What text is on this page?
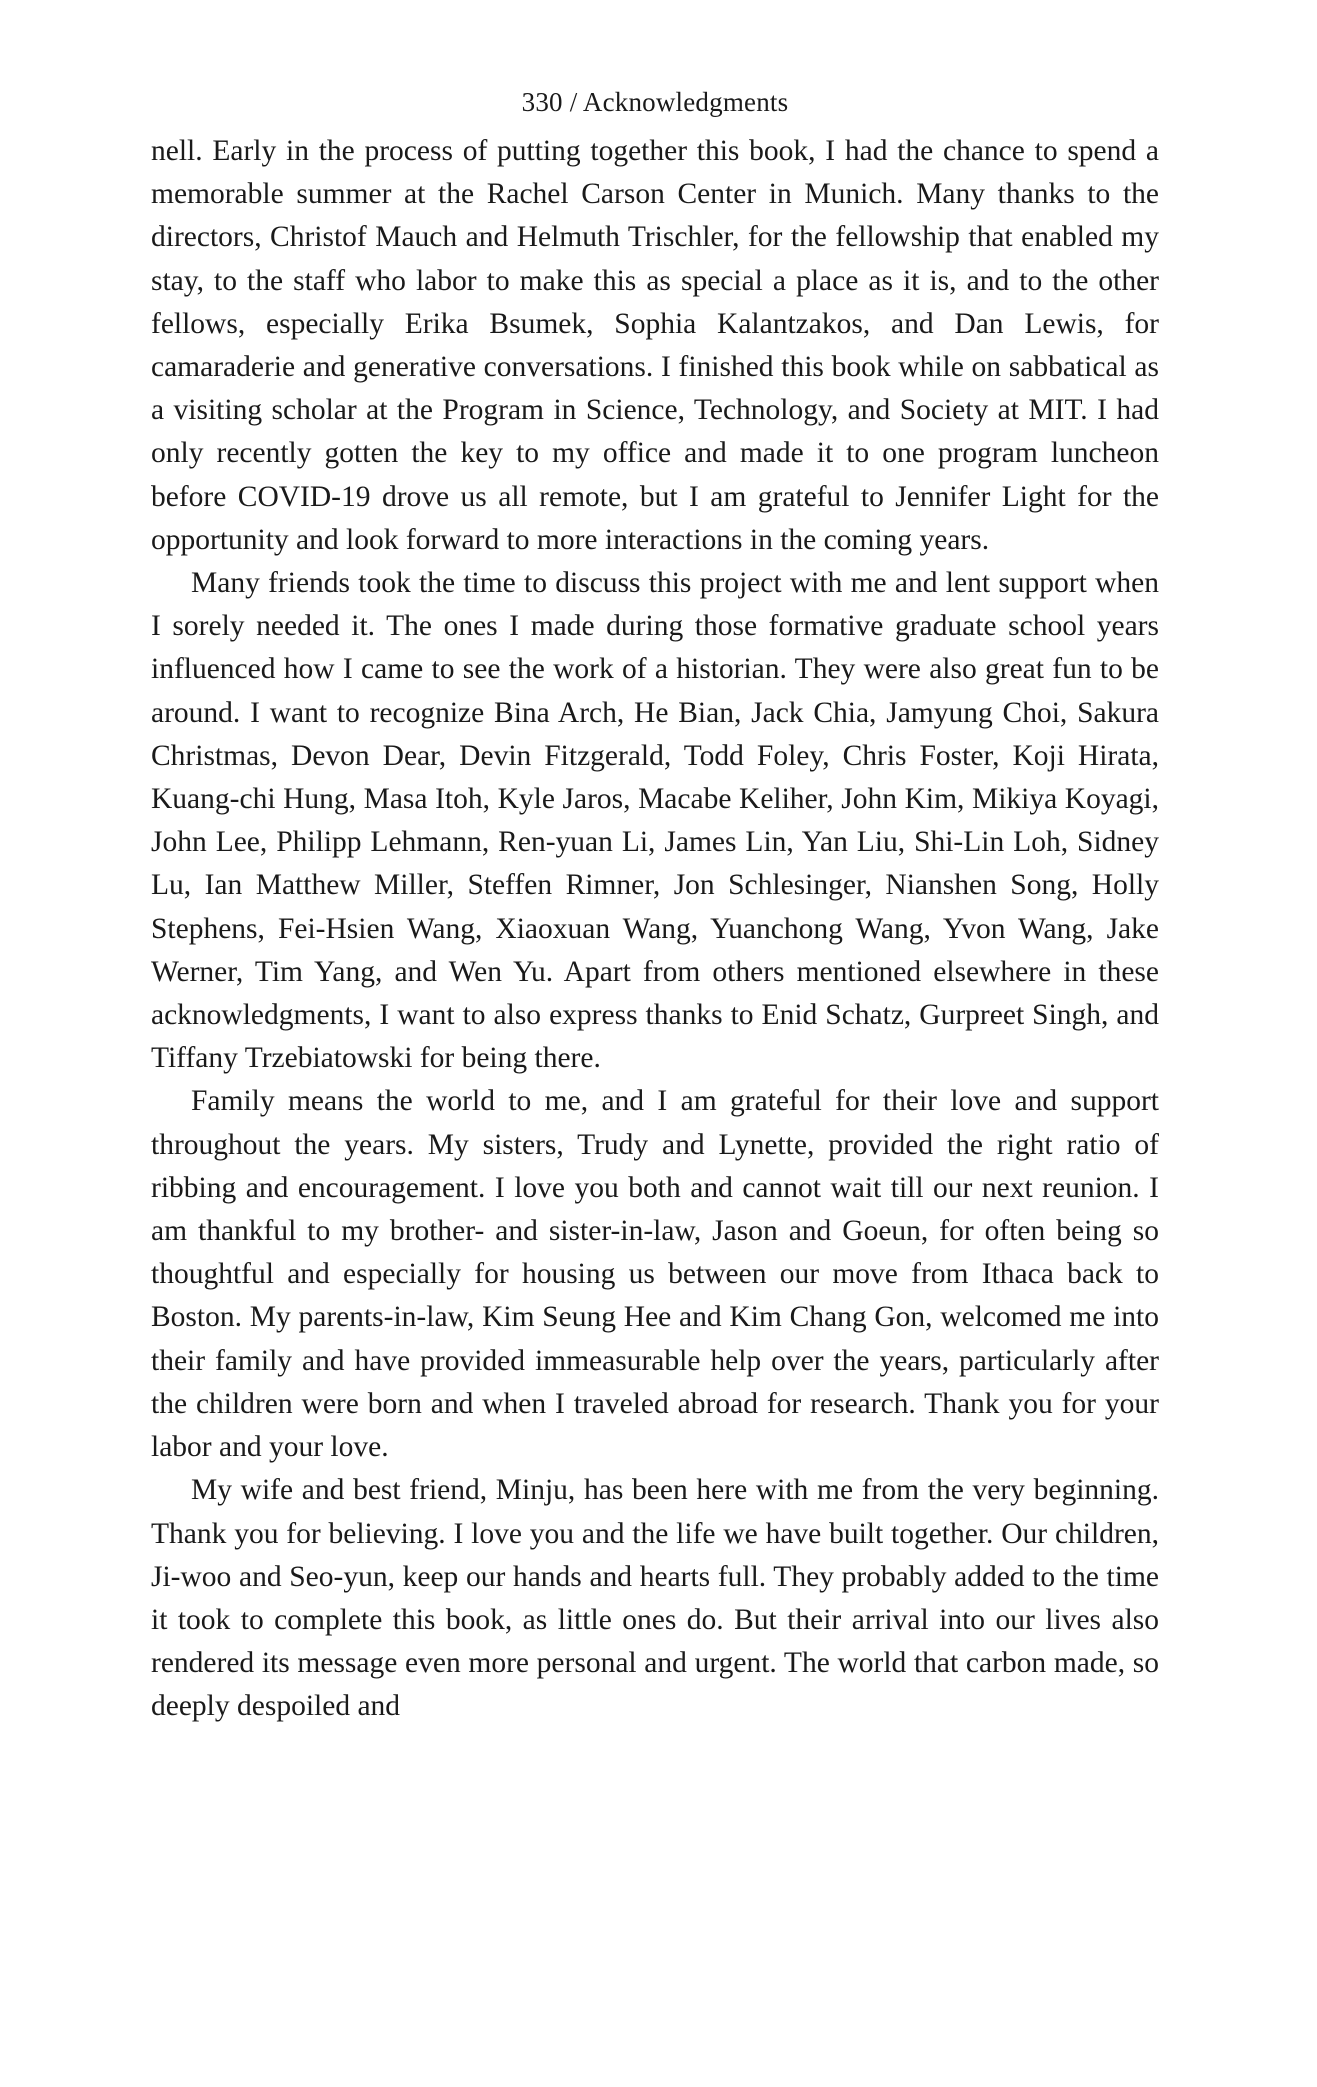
330 / Acknowledgments

nell. Early in the process of putting together this book, I had the chance to spend a memorable summer at the Rachel Carson Center in Munich. Many thanks to the directors, Christof Mauch and Helmuth Trischler, for the fellowship that enabled my stay, to the staff who labor to make this as special a place as it is, and to the other fellows, especially Erika Bsumek, Sophia Kalantzakos, and Dan Lewis, for camaraderie and generative conversations. I finished this book while on sabbatical as a visiting scholar at the Program in Science, Technology, and Society at MIT. I had only recently gotten the key to my office and made it to one program luncheon before COVID-19 drove us all remote, but I am grateful to Jennifer Light for the opportunity and look forward to more interactions in the coming years.

Many friends took the time to discuss this project with me and lent support when I sorely needed it. The ones I made during those formative graduate school years influenced how I came to see the work of a historian. They were also great fun to be around. I want to recognize Bina Arch, He Bian, Jack Chia, Jamyung Choi, Sakura Christmas, Devon Dear, Devin Fitzgerald, Todd Foley, Chris Foster, Koji Hirata, Kuang-chi Hung, Masa Itoh, Kyle Jaros, Macabe Keliher, John Kim, Mikiya Koyagi, John Lee, Philipp Lehmann, Ren-yuan Li, James Lin, Yan Liu, Shi-Lin Loh, Sidney Lu, Ian Matthew Miller, Steffen Rimner, Jon Schlesinger, Nianshen Song, Holly Stephens, Fei-Hsien Wang, Xiaoxuan Wang, Yuanchong Wang, Yvon Wang, Jake Werner, Tim Yang, and Wen Yu. Apart from others mentioned elsewhere in these acknowledgments, I want to also express thanks to Enid Schatz, Gurpreet Singh, and Tiffany Trzebiatowski for being there.

Family means the world to me, and I am grateful for their love and support throughout the years. My sisters, Trudy and Lynette, provided the right ratio of ribbing and encouragement. I love you both and cannot wait till our next reunion. I am thankful to my brother- and sister-in-law, Jason and Goeun, for often being so thoughtful and especially for housing us between our move from Ithaca back to Boston. My parents-in-law, Kim Seung Hee and Kim Chang Gon, welcomed me into their family and have provided immeasurable help over the years, particularly after the children were born and when I traveled abroad for research. Thank you for your labor and your love.

My wife and best friend, Minju, has been here with me from the very beginning. Thank you for believing. I love you and the life we have built together. Our children, Ji-woo and Seo-yun, keep our hands and hearts full. They probably added to the time it took to complete this book, as little ones do. But their arrival into our lives also rendered its message even more personal and urgent. The world that carbon made, so deeply despoiled and
